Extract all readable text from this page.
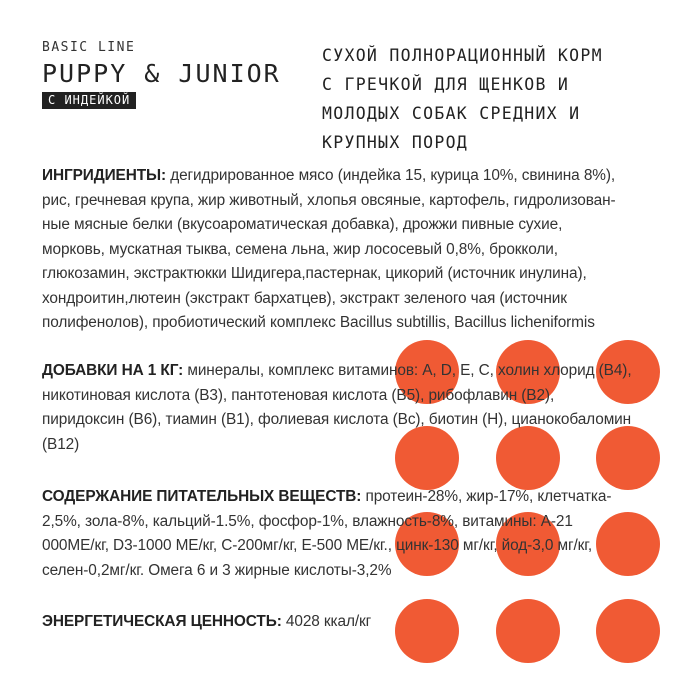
BASIC LINE
PUPPY & JUNIOR
С ИНДЕЙКОЙ
СУХОЙ ПОЛНОРАЦИОННЫЙ КОРМ
С ГРЕЧКОЙ ДЛЯ ЩЕНКОВ И
МОЛОДЫХ СОБАК СРЕДНИХ И
КРУПНЫХ ПОРОД
ИНГРИДИЕНТЫ: дегидрированное мясо (индейка 15, курица 10%, свинина 8%),
рис, гречневая крупа, жир животный, хлопья овсяные, картофель, гидролизован-
ные мясные белки (вкусоароматическая добавка), дрожжи пивные сухие,
морковь, мускатная тыква, семена льна, жир лососевый 0,8%, брокколи,
глюкозамин, экстрактюкки Шидигера,пастернак, цикорий (источник инулина),
хондроитин,лютеин (экстракт бархатцев), экстракт зеленого чая (источник
полифенолов), пробиотический комплекс Bacillus subtillis, Bacillus licheniformis
ДОБАВКИ НА 1 КГ: минералы, комплекс витаминов: A, D, E, C, холин хлорид (B4),
никотиновая кислота (B3), пантотеновая кислота (B5), рибофлавин (B2),
пиридоксин (B6), тиамин (B1), фолиевая кислота (Bc), биотин (H), цианокобаломин
(B12)
СОДЕРЖАНИЕ ПИТАТЕЛЬНЫХ ВЕЩЕСТВ: протеин-28%, жир-17%, клетчатка-
2,5%, зола-8%, кальций-1.5%, фосфор-1%, влажность-8%, витамины: А-21
000МЕ/кг, D3-1000 МЕ/кг, С-200мг/кг, Е-500 МЕ/кг., цинк-130 мг/кг, йод-3,0 мг/кг,
селен-0,2мг/кг. Омега 6 и 3 жирные кислоты-3,2%
ЭНЕРГЕТИЧЕСКАЯ ЦЕННОСТЬ: 4028 ккал/кг
